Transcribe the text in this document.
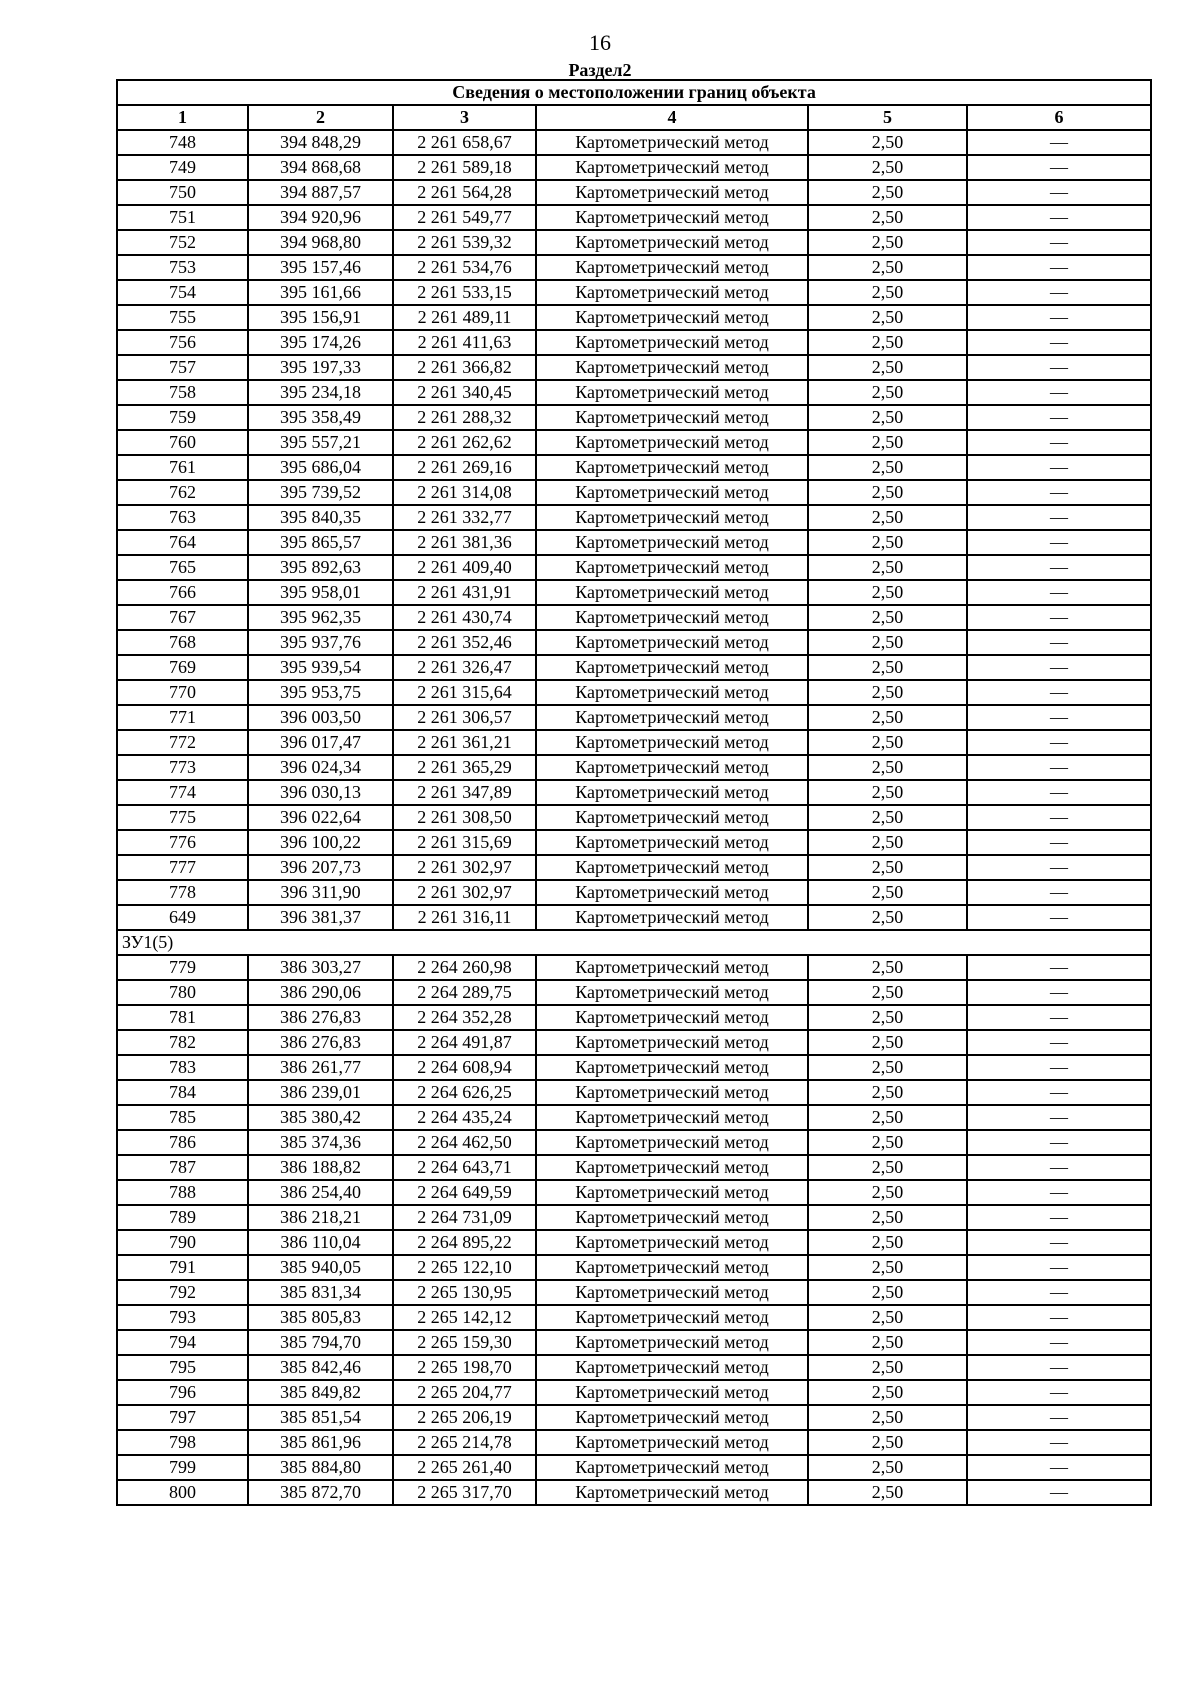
16
Раздел2
Сведения о местоположении границ объекта					
1	2	3	4	5	6
748	394 848,29	2 261 658,67	Картометрический метод	2,50	—
749	394 868,68	2 261 589,18	Картометрический метод	2,50	—
750	394 887,57	2 261 564,28	Картометрический метод	2,50	—
751	394 920,96	2 261 549,77	Картометрический метод	2,50	—
752	394 968,80	2 261 539,32	Картометрический метод	2,50	—
753	395 157,46	2 261 534,76	Картометрический метод	2,50	—
754	395 161,66	2 261 533,15	Картометрический метод	2,50	—
755	395 156,91	2 261 489,11	Картометрический метод	2,50	—
756	395 174,26	2 261 411,63	Картометрический метод	2,50	—
757	395 197,33	2 261 366,82	Картометрический метод	2,50	—
758	395 234,18	2 261 340,45	Картометрический метод	2,50	—
759	395 358,49	2 261 288,32	Картометрический метод	2,50	—
760	395 557,21	2 261 262,62	Картометрический метод	2,50	—
761	395 686,04	2 261 269,16	Картометрический метод	2,50	—
762	395 739,52	2 261 314,08	Картометрический метод	2,50	—
763	395 840,35	2 261 332,77	Картометрический метод	2,50	—
764	395 865,57	2 261 381,36	Картометрический метод	2,50	—
765	395 892,63	2 261 409,40	Картометрический метод	2,50	—
766	395 958,01	2 261 431,91	Картометрический метод	2,50	—
767	395 962,35	2 261 430,74	Картометрический метод	2,50	—
768	395 937,76	2 261 352,46	Картометрический метод	2,50	—
769	395 939,54	2 261 326,47	Картометрический метод	2,50	—
770	395 953,75	2 261 315,64	Картометрический метод	2,50	—
771	396 003,50	2 261 306,57	Картометрический метод	2,50	—
772	396 017,47	2 261 361,21	Картометрический метод	2,50	—
773	396 024,34	2 261 365,29	Картометрический метод	2,50	—
774	396 030,13	2 261 347,89	Картометрический метод	2,50	—
775	396 022,64	2 261 308,50	Картометрический метод	2,50	—
776	396 100,22	2 261 315,69	Картометрический метод	2,50	—
777	396 207,73	2 261 302,97	Картометрический метод	2,50	—
778	396 311,90	2 261 302,97	Картометрический метод	2,50	—
649	396 381,37	2 261 316,11	Картометрический метод	2,50	—
ЗУ1(5)					
779	386 303,27	2 264 260,98	Картометрический метод	2,50	—
780	386 290,06	2 264 289,75	Картометрический метод	2,50	—
781	386 276,83	2 264 352,28	Картометрический метод	2,50	—
782	386 276,83	2 264 491,87	Картометрический метод	2,50	—
783	386 261,77	2 264 608,94	Картометрический метод	2,50	—
784	386 239,01	2 264 626,25	Картометрический метод	2,50	—
785	385 380,42	2 264 435,24	Картометрический метод	2,50	—
786	385 374,36	2 264 462,50	Картометрический метод	2,50	—
787	386 188,82	2 264 643,71	Картометрический метод	2,50	—
788	386 254,40	2 264 649,59	Картометрический метод	2,50	—
789	386 218,21	2 264 731,09	Картометрический метод	2,50	—
790	386 110,04	2 264 895,22	Картометрический метод	2,50	—
791	385 940,05	2 265 122,10	Картометрический метод	2,50	—
792	385 831,34	2 265 130,95	Картометрический метод	2,50	—
793	385 805,83	2 265 142,12	Картометрический метод	2,50	—
794	385 794,70	2 265 159,30	Картометрический метод	2,50	—
795	385 842,46	2 265 198,70	Картометрический метод	2,50	—
796	385 849,82	2 265 204,77	Картометрический метод	2,50	—
797	385 851,54	2 265 206,19	Картометрический метод	2,50	—
798	385 861,96	2 265 214,78	Картометрический метод	2,50	—
799	385 884,80	2 265 261,40	Картометрический метод	2,50	—
800	385 872,70	2 265 317,70	Картометрический метод	2,50	—
